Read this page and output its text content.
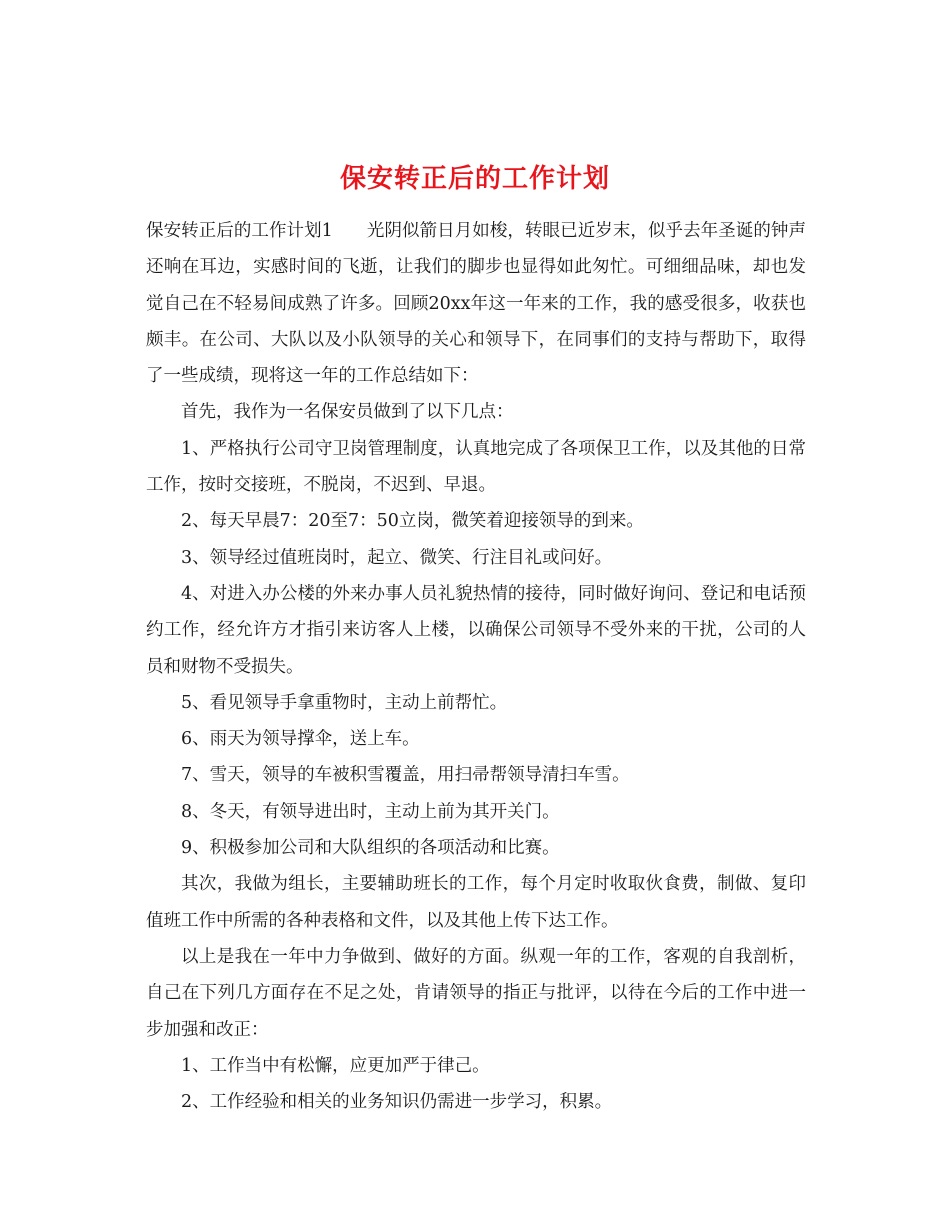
保安转正后的工作计划

保安转正后的工作计划1 光阴似箭日月如梭，转眼已近岁末，似乎去年圣诞的钟声还响在耳边，实感时间的飞逝，让我们的脚步也显得如此匆忙。可细细品味，却也发觉自己在不轻易间成熟了许多。回顾20xx年这一年来的工作，我的感受很多，收获也颇丰。在公司、大队以及小队领导的关心和领导下，在同事们的支持与帮助下，取得了一些成绩，现将这一年的工作总结如下：

首先，我作为一名保安员做到了以下几点：

1、严格执行公司守卫岗管理制度，认真地完成了各项保卫工作，以及其他的日常工作，按时交接班，不脱岗，不迟到、早退。

2、每天早晨7：20至7：50立岗，微笑着迎接领导的到来。

3、领导经过值班岗时，起立、微笑、行注目礼或问好。

4、对进入办公楼的外来办事人员礼貌热情的接待，同时做好询问、登记和电话预约工作，经允许方才指引来访客人上楼，以确保公司领导不受外来的干扰，公司的人员和财物不受损失。

5、看见领导手拿重物时，主动上前帮忙。

6、雨天为领导撑伞，送上车。

7、雪天，领导的车被积雪覆盖，用扫帚帮领导清扫车雪。

8、冬天，有领导进出时，主动上前为其开关门。

9、积极参加公司和大队组织的各项活动和比赛。

其次，我做为组长，主要辅助班长的工作，每个月定时收取伙食费，制做、复印值班工作中所需的各种表格和文件，以及其他上传下达工作。

以上是我在一年中力争做到、做好的方面。纵观一年的工作，客观的自我剖析，自己在下列几方面存在不足之处，肯请领导的指正与批评，以待在今后的工作中进一步加强和改正：

1、工作当中有松懈，应更加严于律己。

2、工作经验和相关的业务知识仍需进一步学习，积累。
